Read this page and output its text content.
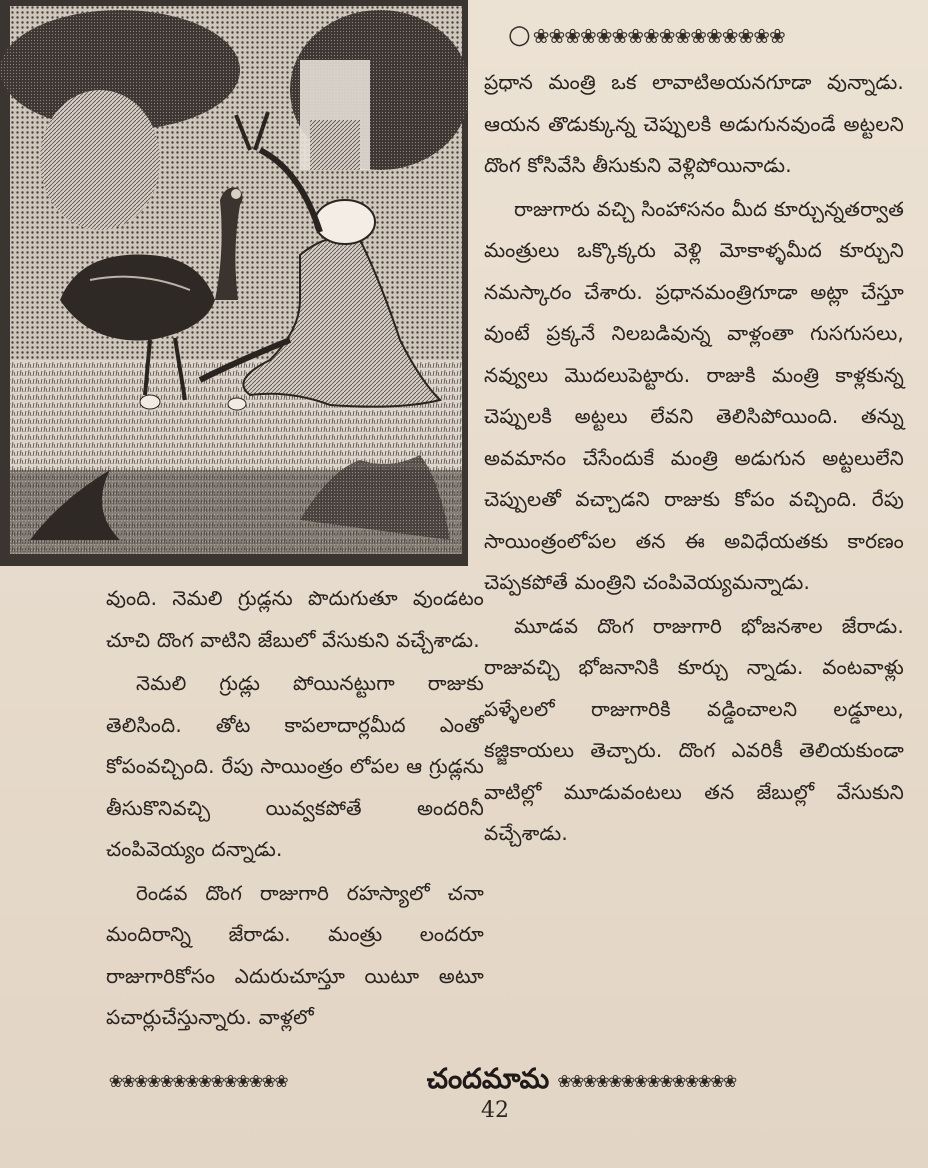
○❀❀❀❀❀❀❀❀❀❀❀❀❀❀❀❀

ప్రధాన మంత్రి ఒక లావాటిఅయనగూడా వున్నాడు. ఆయన తొడుక్కున్న చెప్పులకి అడుగునవుండే అట్టలని దొంగ కోసివేసి తీసుకుని వెళ్లిపోయినాడు.

రాజుగారు వచ్చి సింహాసనం మీద కూర్చున్నతర్వాత మంత్రులు ఒక్కొక్కరు వెళ్లి మోకాళ్ళమీద కూర్చుని నమస్కారం చేశారు. ప్రధానమంత్రిగూడా అట్లా చేస్తూ వుంటే ప్రక్కనే నిలబడివున్న వాళ్లంతా గుసగుసలు, నవ్వులు మొదలుపెట్టారు. రాజుకి మంత్రి కాళ్లకున్న చెప్పులకి అట్టలు లేవని తెలిసిపోయింది. తన్ను అవమానం చేసేందుకే మంత్రి అడుగున అట్టలులేని చెప్పులతో వచ్చాడని రాజుకు కోపం వచ్చింది. రేపు సాయింత్రంలోపల తన ఈ అవిధేయతకు కారణం చెప్పకపోతే మంత్రిని చంపివెయ్యమన్నాడు.

మూడవ దొంగ రాజుగారి భోజనశాల జేరాడు. రాజువచ్చి భోజనానికి కూర్చు న్నాడు. వంటవాళ్లు పళ్ళేలలో రాజుగారికి వడ్డించాలని లడ్డూలు, కజ్జికాయలు తెచ్చారు. దొంగ ఎవరికీ తెలియకుండా వాటిల్లో మూడువంటలు తన జేబుల్లో వేసుకుని వచ్చేశాడు.

వుంది. నెమలి గ్రుడ్లను పొదుగుతూ వుండటం చూచి దొంగ వాటిని జేబులో వేసుకుని వచ్చేశాడు.

నెమలి గ్రుడ్లు పోయినట్టుగా రాజుకు తెలిసింది. తోట కాపలాదార్లమీద ఎంతో కోపంవచ్చింది. రేపు సాయింత్రం లోపల ఆ గ్రుడ్లను తీసుకొనివచ్చి యివ్వకపోతే అందరినీ చంపివెయ్యం దన్నాడు.

రెండవ దొంగ రాజుగారి రహస్యాలో చనా మందిరాన్ని జేరాడు. మంత్రు లందరూ రాజుగారికోసం ఎదురుచూస్తూ యిటూ అటూ పచార్లుచేస్తున్నారు. వాళ్లలో

❀❀❀❀❀❀❀❀❀❀❀❀❀❀	చందమామ ❀❀❀❀❀❀❀❀❀❀❀❀❀❀
42
